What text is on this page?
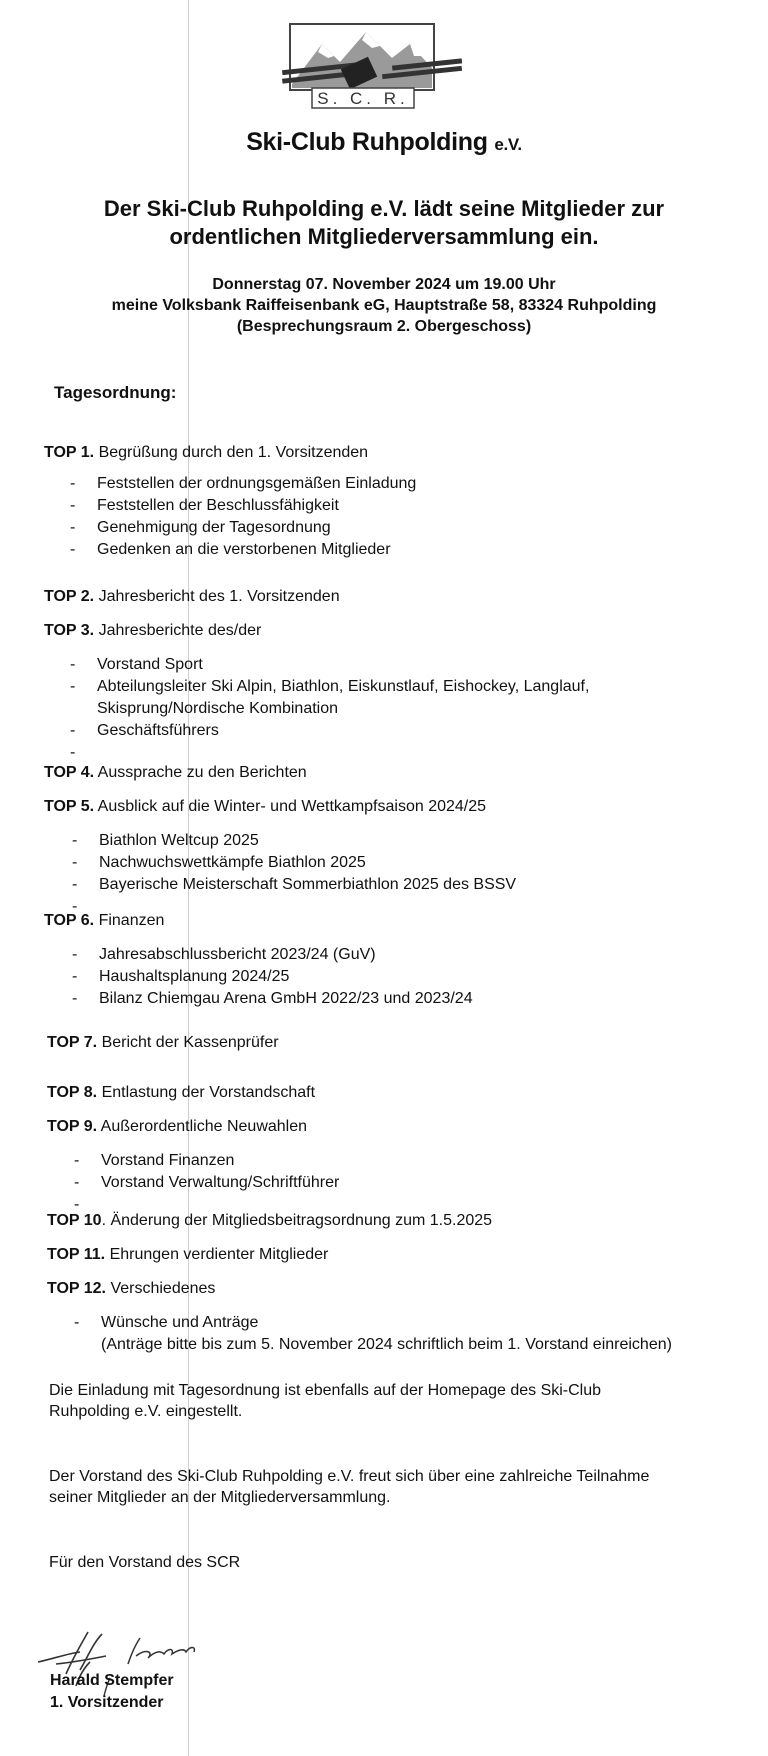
S. C. R.
Ski-Club Ruhpolding e.V.
Der Ski-Club Ruhpolding e.V. lädt seine Mitglieder zur
ordentlichen Mitgliederversammlung ein.
Donnerstag 07. November 2024 um 19.00 Uhr
meine Volksbank Raiffeisenbank eG, Hauptstraße 58, 83324 Ruhpolding
(Besprechungsraum 2. Obergeschoss)
Tagesordnung:
TOP 1. Begrüßung durch den 1. Vorsitzenden
- Feststellen der ordnungsgemäßen Einladung
- Feststellen der Beschlussfähigkeit
- Genehmigung der Tagesordnung
- Gedenken an die verstorbenen Mitglieder
TOP 2. Jahresbericht des 1. Vorsitzenden
TOP 3. Jahresberichte des/der
- Vorstand Sport
- Abteilungsleiter Ski Alpin, Biathlon, Eiskunstlauf, Eishockey, Langlauf,
Skisprung/Nordische Kombination
- Geschäftsführers
-
TOP 4. Aussprache zu den Berichten
TOP 5. Ausblick auf die Winter- und Wettkampfsaison 2024/25
- Biathlon Weltcup 2025
- Nachwuchswettkämpfe Biathlon 2025
- Bayerische Meisterschaft Sommerbiathlon 2025 des BSSV
-
TOP 6. Finanzen
- Jahresabschlussbericht 2023/24 (GuV)
- Haushaltsplanung 2024/25
- Bilanz Chiemgau Arena GmbH 2022/23 und 2023/24
TOP 7. Bericht der Kassenprüfer
TOP 8. Entlastung der Vorstandschaft
TOP 9. Außerordentliche Neuwahlen
- Vorstand Finanzen
- Vorstand Verwaltung/Schriftführer
-
TOP 10. Änderung der Mitgliedsbeitragsordnung zum 1.5.2025
TOP 11. Ehrungen verdienter Mitglieder
TOP 12. Verschiedenes
- Wünsche und Anträge
(Anträge bitte bis zum 5. November 2024 schriftlich beim 1. Vorstand einreichen)
Die Einladung mit Tagesordnung ist ebenfalls auf der Homepage des Ski-Club
Ruhpolding e.V. eingestellt.
Der Vorstand des Ski-Club Ruhpolding e.V. freut sich über eine zahlreiche Teilnahme
seiner Mitglieder an der Mitgliederversammlung.
Für den Vorstand des SCR
Harald Stempfer
1. Vorsitzender
